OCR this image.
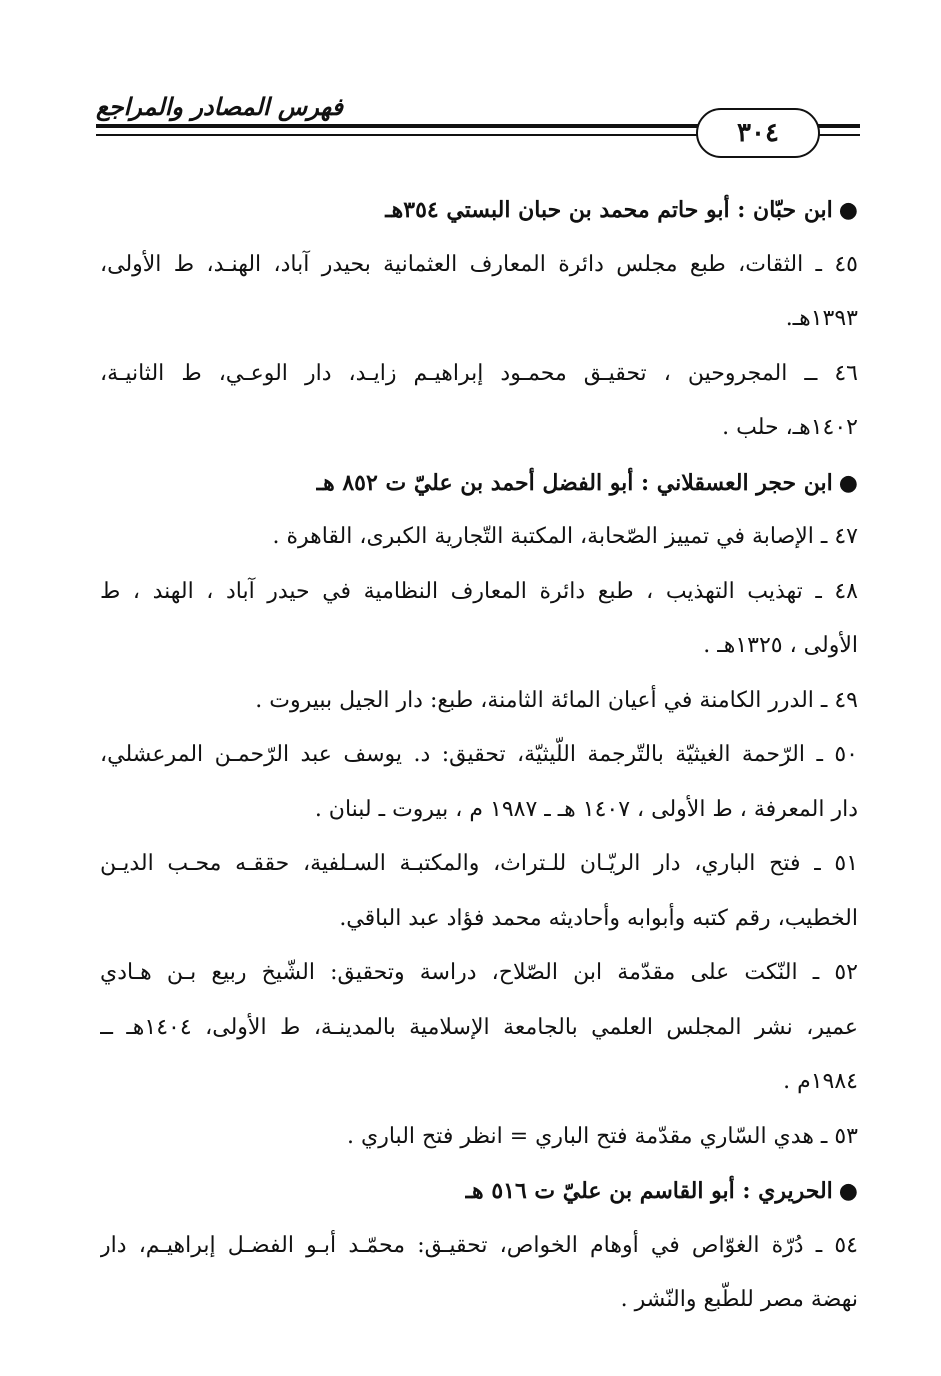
فهرس المصادر والمراجع
٣٠٤

●ابن حبّان : أبو حاتم محمد بن حبان البستي ٣٥٤هـ

٤٥ ـ الثقات، طبع مجلس دائرة المعارف العثمانية بحيدر آباد، الهنـد، ط الأولى،

١٣٩٣هـ.

٤٦ ــ المجروحين ، تحقيـق محمـود إبراهيـم زايـد، دار الوعـي، ط الثانيـة،

١٤٠٢هـ، حلب .

●ابن حجر العسقلاني : أبو الفضل أحمد بن عليّ ت ٨٥٢ هـ

٤٧ ـ الإصابة في تمييز الصّحابة، المكتبة التّجارية الكبرى، القاهرة .

٤٨ ـ تهذيب التهذيب ، طبع دائرة المعارف النظامية في حيدر آباد ، الهند ، ط

الأولى ، ١٣٢٥هـ .

٤٩ ـ الدرر الكامنة في أعيان المائة الثامنة، طبع: دار الجيل ببيروت .

٥٠ ـ الرّحمة الغيثيّة بالتّرجمة اللّيثيّة، تحقيق: د. يوسف عبد الرّحمـن المرعشلي،

دار المعرفة ، ط الأولى ، ١٤٠٧ هـ ـ ١٩٨٧ م ، بيروت ـ لبنان .

٥١ ـ فتح الباري، دار الريّـان للـتراث، والمكتبـة السـلفية، حققـه محـب الديـن

الخطيب، رقم كتبه وأبوابه وأحاديثه محمد فؤاد عبد الباقي.

٥٢ ـ النّكت على مقدّمة ابن الصّلاح، دراسة وتحقيق: الشّيخ ربيع بـن هـادي

عمير، نشر المجلس العلمي بالجامعة الإسلامية بالمدينـة، ط الأولى، ١٤٠٤هـ ــ

١٩٨٤م .

٥٣ ـ هدي السّاري مقدّمة فتح الباري = انظر فتح الباري .

●الحريري : أبو القاسم بن عليّ ت ٥١٦ هـ

٥٤ ـ دُرّة الغوّاص في أوهام الخواص، تحقيـق: محمّـد أبـو الفضـل إبراهيـم، دار

نهضة مصر للطّبع والنّشر .
